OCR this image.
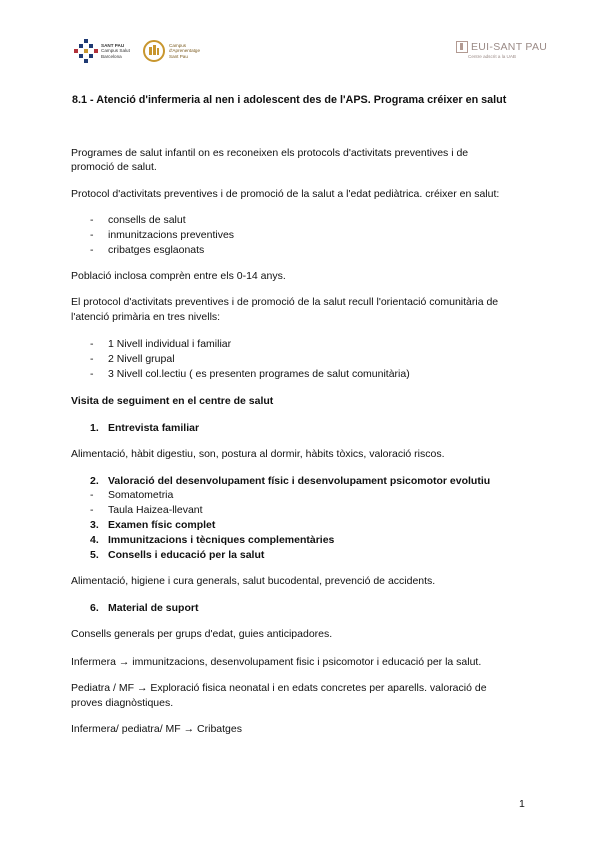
SANT PAU
Campus Salut Barcelona
Campus d'Aprenentatge Sant Pau
EUI-SANT PAU
Centre adscrit a la UAB
8.1 - Atenció d'infermeria al nen i adolescent des de l'APS. Programa créixer en salut
Programes de salut infantil on es reconeixen els protocols d'activitats preventives i de
promoció de salut.
Protocol d'activitats preventives i de promoció de la salut a l'edat pediàtrica. créixer en salut:
- consells de salut
- inmunitzacions preventives
- cribatges esglaonats
Població inclosa comprèn entre els 0-14 anys.
El protocol d'activitats preventives i de promoció de la salut recull l'orientació comunitària de
l'atenció primària en tres nivells:
- 1 Nivell individual i familiar
- 2 Nivell grupal
- 3 Nivell col.lectiu ( es presenten programes de salut comunitària)
Visita de seguiment en el centre de salut
1. Entrevista familiar
Alimentació, hàbit digestiu, son, postura al dormir, hàbits tòxics, valoració riscos.
2. Valoració del desenvolupament físic i desenvolupament psicomotor evolutiu
- Somatometria
- Taula Haizea-llevant
3. Examen físic complet
4. Immunitzacions i tècniques complementàries
5. Consells i educació per la salut
Alimentació, higiene i cura generals, salut bucodental, prevenció de accidents.
6. Material de suport
Consells generals per grups d'edat, guies anticipadores.
Infermera → immunitzacions, desenvolupament fisic i psicomotor i educació per la salut.
Pediatra / MF → Exploració fisica neonatal i en edats concretes per aparells. valoració de
proves diagnòstiques.
Infermera/ pediatra/ MF → Cribatges
1
